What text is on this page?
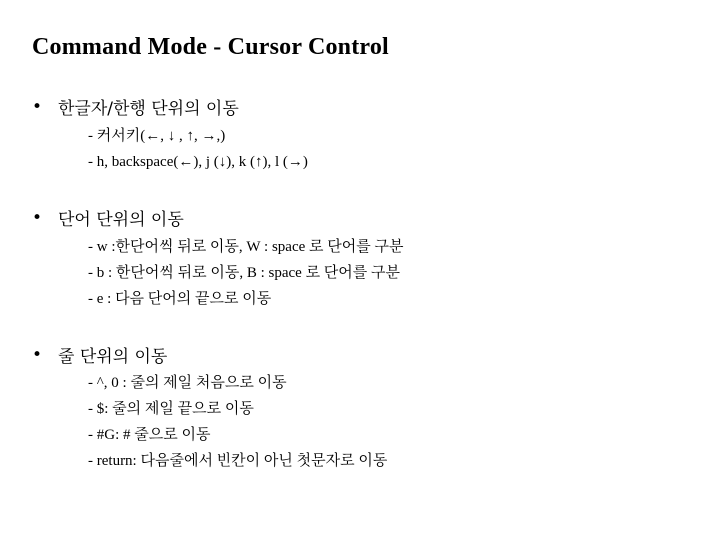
Command Mode - Cursor Control
• 한글자/한행 단위의 이동
- 커서키(←, ↓ , ↑, →,)
- h, backspace(←), j (↓), k (↑), l (→)
• 단어 단위의 이동
- w :한단어씩 뒤로 이동, W : space 로 단어를 구분
- b : 한단어씩 뒤로 이동, B : space 로 단어를 구분
- e : 다음 단어의 끝으로 이동
• 줄 단위의 이동
- ^, 0 : 줄의 제일 처음으로 이동
- $: 줄의 제일 끝으로 이동
- #G: # 줄으로 이동
- return: 다음줄에서 빈칸이 아닌 첫문자로 이동
